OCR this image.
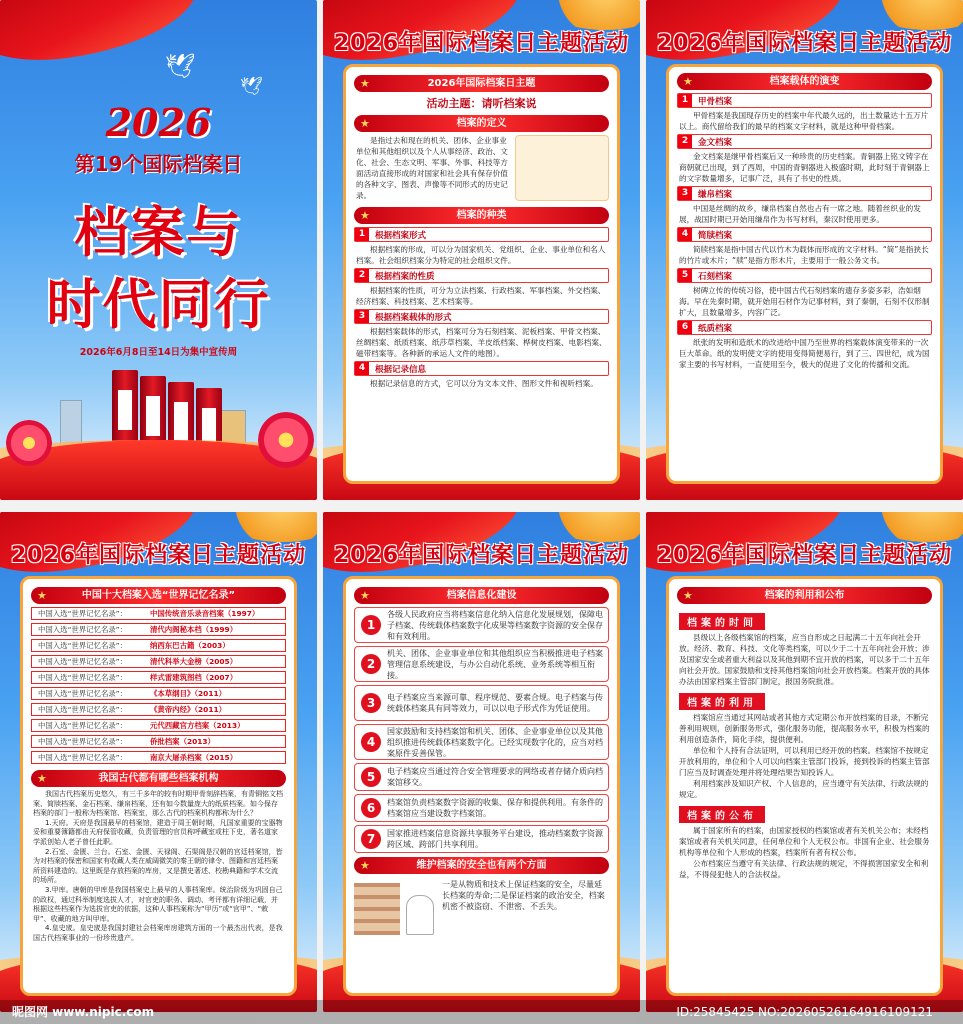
🕊
🕊
2026
第19个国际档案日
档案与
时代同行
2026年6月8日至14日为集中宣传周
2026年国际档案日主题活动
★	2026年国际档案日主题
活动主题：请听档案说
★	档案的定义
是指过去和现在的机关、团体、企业事业单位和其他组织以及个人从事经济、政治、文化、社会、生态文明、军事、外事、科技等方面活动直接形成的对国家和社会具有保存价值的各种文字、图表、声像等不同形式的历史记录。
★	档案的种类
1	根据档案形式
根据档案的形成，可以分为国家机关、党组织、企业、事业单位和名人档案。社会组织档案分为特定的社会组织文件。
2	根据档案的性质
根据档案的性质，可分为立法档案、行政档案、军事档案、外交档案、经济档案、科技档案、艺术档案等。
3	根据档案载体的形式
根据档案载体的形式，档案可分为石刻档案、泥板档案、甲骨文档案、丝绸档案、纸质档案、纸莎草档案、羊皮纸档案、桦树皮档案、电影档案、磁带档案等。各种新的承运人文件的地图）。
4	根据记录信息
根据记录信息的方式，它可以分为文本文件、图形文件和视听档案。
2026年国际档案日主题活动
★	档案载体的演变
1	甲骨档案
甲骨档案是我国现存历史的档案中年代最久远的，出土数量达十五万片以上。商代留给我们的最早的档案文字材料，就是这种甲骨档案。
2	金文档案
金文档案是继甲骨档案后又一种珍贵的历史档案。青铜器上铭文铸字在商朝就已出现，到了西周，中国的青铜器进入极盛时期，此时刻于青铜器上的文字数量增多，记事广泛，具有了书史的性质。
3	缣帛档案
中国是丝绸的故乡，缣帛档案自然也占有一席之地。随着丝织业的发展，战国时期已开始用缣帛作为书写材料，秦汉时使用更多。
4	简牍档案
简牍档案是指中国古代以竹木为载体而形成的文字材料。“简”是指狭长的竹片或木片；“牍”是指方形木片，主要用于一般公务文书。
5	石刻档案
树碑立传的传统习俗，使中国古代石刻档案的遗存多姿多彩，浩如烟海。早在先秦时期，就开始用石材作为记事材料，到了秦朝，石刻不仅形制扩大，且数量增多，内容广泛。
6	纸质档案
纸张的发明和造纸术的改进给中国乃至世界的档案载体演变带来的一次巨大革命。纸的发明使文字的使用变得简便易行，到了三、四世纪，成为国家主要的书写材料，一直使用至今，极大的促进了文化的传播和交流。
2026年国际档案日主题活动
★	中国十大档案入选“世界记忆名录”
中国入选“世界记忆名录”：	中国传统音乐录音档案（1997）
中国入选“世界记忆名录”：	清代内阁秘本档（1999）
中国入选“世界记忆名录”：	纳西东巴古籍（2003）
中国入选“世界记忆名录”：	清代科举大金榜（2005）
中国入选“世界记忆名录”：	样式雷建筑图档（2007）
中国入选“世界记忆名录”：	《本草纲目》（2011）
中国入选“世界记忆名录”：	《黄帝内经》（2011）
中国入选“世界记忆名录”：	元代西藏官方档案（2013）
中国入选“世界记忆名录”：	侨批档案（2013）
中国入选“世界记忆名录”：	南京大屠杀档案（2015）
★	我国古代都有哪些档案机构
我国古代档案历史悠久，有三千多年的较有时期甲骨刻辞档案，有青铜铭文档案、简牍档案、金石档案、缣帛档案，还有如今数量庞大的纸质档案。如今保存档案的部门一般称为档案馆、档案室，那么古代的档案机构都称为什么？
1.天府。天府是我国最早的档案馆，建造于周王朝时期，凡国家重要的宝器物妥和重要簿籍都由天府保管收藏，负责管理的官员称呼藏室或柱下史，著名道家学派创始人老子曾任此职。
2.石室、金匮、兰台。石室、金匮、天禄阁、石渠阁是汉朝的宫廷档案馆，皆为对档案的保密和国家有收藏人类在威阔微笑的秦王朝的律令、图籍和宫廷档案所资料建造的。这里既是存放档案的库房，又是撰史著述、校勘典籍和学术交流的场所。
3.甲库。唐朝的甲库是我国档案史上最早的人事档案库。统治阶级为巩固自己的政权，通过科举制度选拔人才，对官吏的职务、调动、考评都有详细记载，并根据这些档案作为选拔官吏的依据，这种人事档案称为“甲历”或“官甲”、“敕甲”、收藏的地方叫甲库。
4.皇史宬。皇史宬是我国封建社会档案库房建筑方面的一个最杰出代表，是我国古代档案事业的一份珍贵遗产。
2026年国际档案日主题活动
★	档案信息化建设
1
各级人民政府应当将档案信息化纳入信息化发展规划，保障电子档案、传统载体档案数字化成果等档案数字资源的安全保存和有效利用。
2
机关、团体、企业事业单位和其他组织应当积极推进电子档案管理信息系统建设，与办公自动化系统、业务系统等相互衔接。
3	电子档案应当来源可靠、程序规范、要素合规。电子档案与传统载体档案具有同等效力，可以以电子形式作为凭证使用。
4
国家鼓励和支持档案馆和机关、团体、企业事业单位以及其他组织推进传统载体档案数字化。已经实现数字化的，应当对档案原件妥善保管。
5	电子档案应当通过符合安全管理要求的网络或者存储介质向档案馆移交。
6	档案馆负责档案数字资源的收集、保存和提供利用。有条件的档案馆应当建设数字档案馆。
7	国家推进档案信息资源共享服务平台建设，推动档案数字资源跨区域、跨部门共享利用。
★	维护档案的安全也有两个方面
一是从物质和技术上保证档案的安全，尽量延长档案的寿命;二是保证档案的政治安全，档案机密不被盗窃、不泄密、不丢失。
2026年国际档案日主题活动
★	档案的利用和公布
档案的时间
县级以上各级档案馆的档案，应当自形成之日起满二十五年向社会开放。经济、教育、科技、文化等类档案，可以少于二十五年向社会开放；涉及国家安全或者重大利益以及其他到期不宜开放的档案，可以多于二十五年向社会开放。国家鼓励和支持其他档案馆向社会开放档案。档案开放的具体办法由国家档案主管部门制定，报国务院批准。
档案的利用
档案馆应当通过其网站或者其他方式定期公布开放档案的目录，不断完善利用规则，创新服务形式，强化服务功能，提高服务水平，积极为档案的利用创造条件，简化手续，提供便利。
单位和个人持有合法证明，可以利用已经开放的档案。档案馆不按规定开放利用的，单位和个人可以向档案主管部门投诉，接到投诉的档案主管部门应当及时调查处理并将处理结果告知投诉人。
利用档案涉及知识产权、个人信息的，应当遵守有关法律、行政法规的规定。
档案的公布
属于国家所有的档案，由国家授权的档案馆或者有关机关公布；未经档案馆或者有关机关同意，任何单位和个人无权公布。非国有企业、社会服务机构等单位和个人形成的档案，档案所有者有权公布。
公布档案应当遵守有关法律、行政法规的规定，不得损害国家安全和利益，不得侵犯他人的合法权益。
昵图网 www.nipic.com	ID:25845425 NO:20260526164916109121
